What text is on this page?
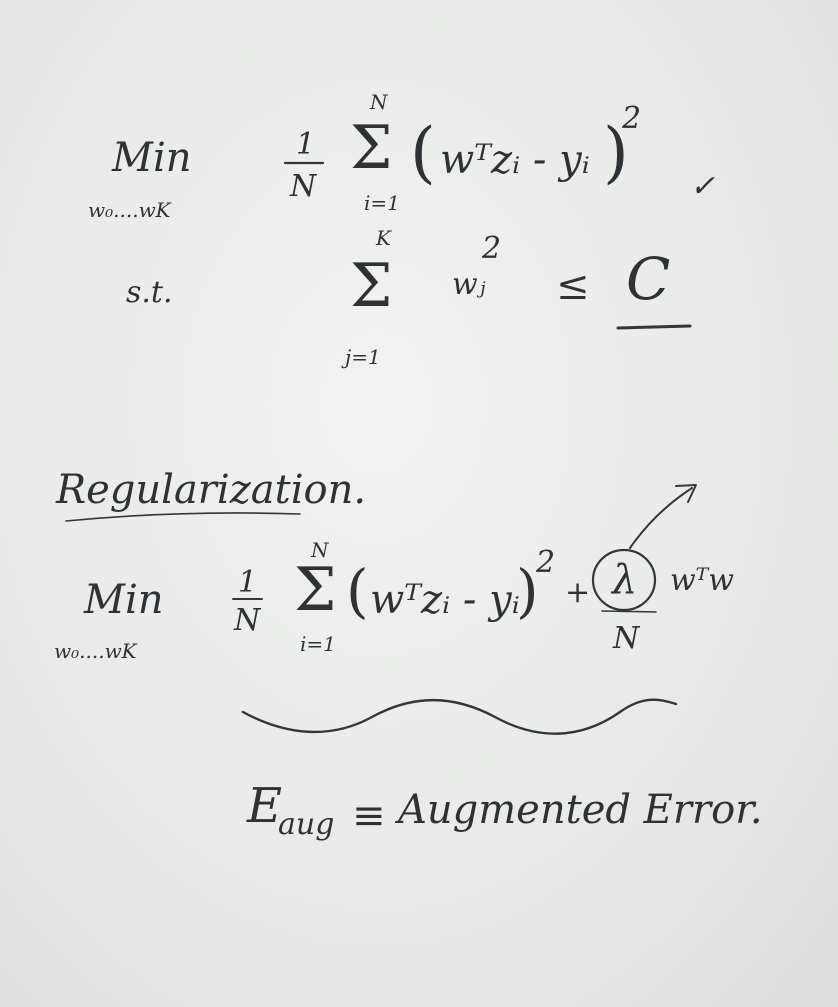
Min
w₀....wK
1
N
N
Σ
i=1
( wᵀzᵢ - yᵢ )
2
✓
s.t.
K
Σ
j=1
wⱼ
2
≤ C
Regularization.
Min
w₀....wK
1
N
N
Σ
i=1
( wᵀzᵢ - yᵢ
)
2
+ λ
N
wᵀw
E
aug ≡ Augmented Error.
